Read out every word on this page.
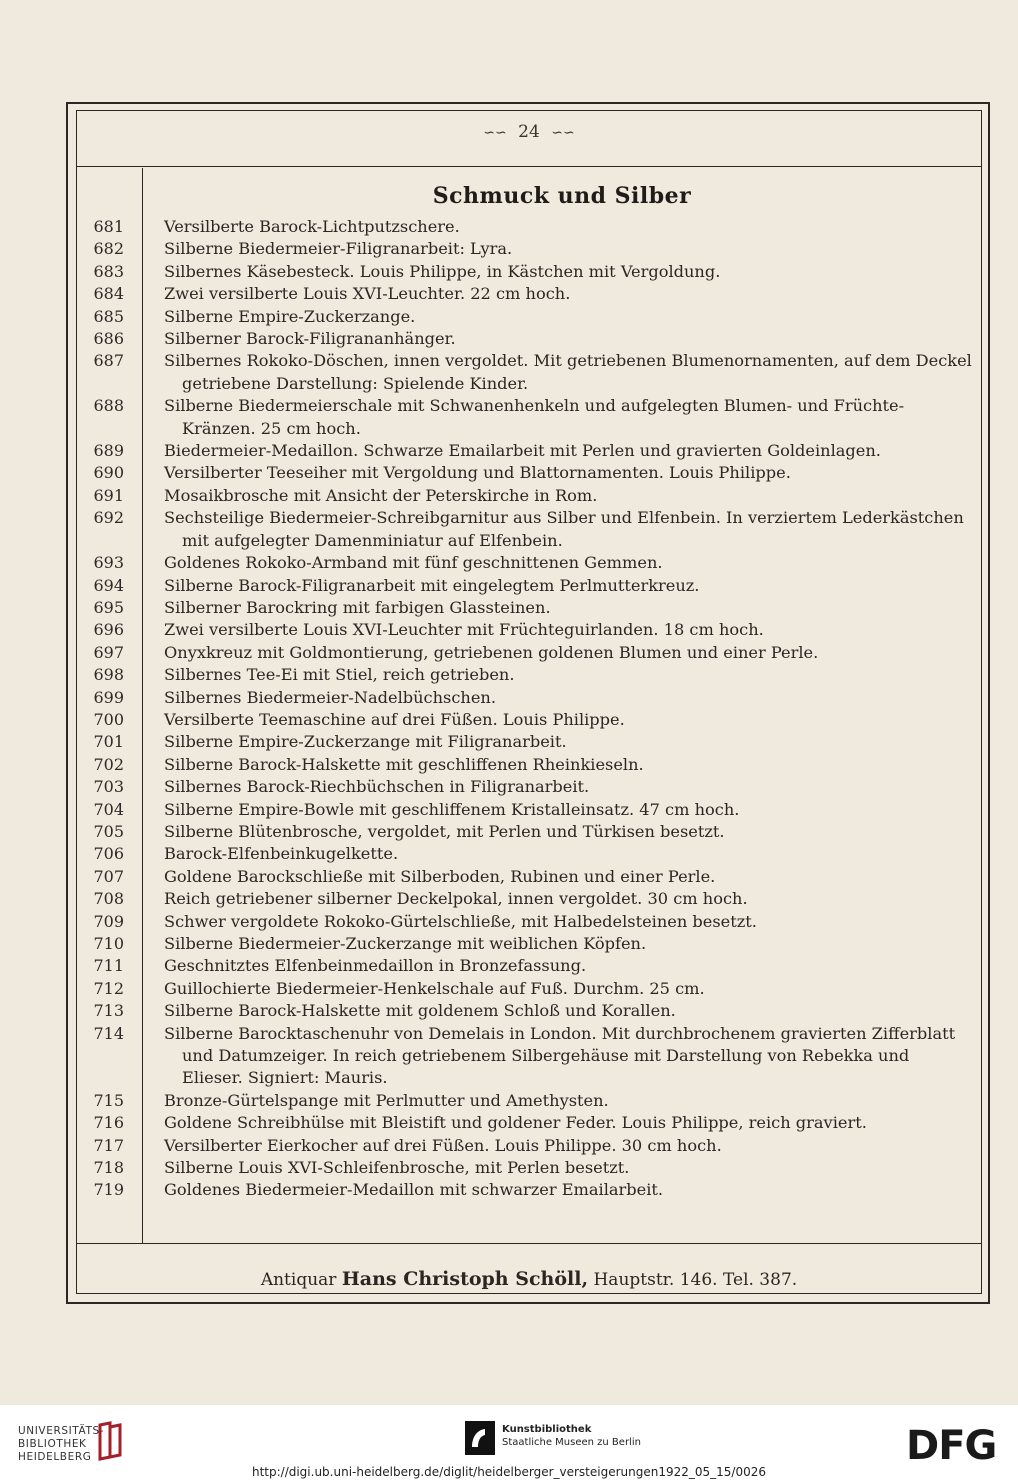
∽∽ 24 ∽∽
Schmuck und Silber
681 Versilberte Barock-Lichtputzschere.
682 Silberne Biedermeier-Filigranarbeit: Lyra.
683 Silbernes Käsebesteck. Louis Philippe, in Kästchen mit Vergoldung.
684 Zwei versilberte Louis XVI-Leuchter. 22 cm hoch.
685 Silberne Empire-Zuckerzange.
686 Silberner Barock-Filigrananhänger.
687 Silbernes Rokoko-Döschen, innen vergoldet. Mit getriebenen Blumenornamenten, auf dem Deckel getriebene Darstellung: Spielende Kinder.
688 Silberne Biedermeierschale mit Schwanenhenkeln und aufgelegten Blumen- und Früchte-Kränzen. 25 cm hoch.
689 Biedermeier-Medaillon. Schwarze Emailarbeit mit Perlen und gravierten Goldeinlagen.
690 Versilberter Teeseiher mit Vergoldung und Blattornamenten. Louis Philippe.
691 Mosaikbrosche mit Ansicht der Peterskirche in Rom.
692 Sechsteilige Biedermeier-Schreibgarnitur aus Silber und Elfenbein. In verziertem Lederkästchen mit aufgelegter Damenminiatur auf Elfenbein.
693 Goldenes Rokoko-Armband mit fünf geschnittenen Gemmen.
694 Silberne Barock-Filigranarbeit mit eingelegtem Perlmutterkreuz.
695 Silberner Barockring mit farbigen Glassteinen.
696 Zwei versilberte Louis XVI-Leuchter mit Früchteguirlanden. 18 cm hoch.
697 Onyxkreuz mit Goldmontierung, getriebenen goldenen Blumen und einer Perle.
698 Silbernes Tee-Ei mit Stiel, reich getrieben.
699 Silbernes Biedermeier-Nadelbüchschen.
700 Versilberte Teemaschine auf drei Füßen. Louis Philippe.
701 Silberne Empire-Zuckerzange mit Filigranarbeit.
702 Silberne Barock-Halskette mit geschliffenen Rheinkieseln.
703 Silbernes Barock-Riechbüchschen in Filigranarbeit.
704 Silberne Empire-Bowle mit geschliffenem Kristalleinsatz. 47 cm hoch.
705 Silberne Blütenbrosche, vergoldet, mit Perlen und Türkisen besetzt.
706 Barock-Elfenbeinkugelkette.
707 Goldene Barockschließe mit Silberboden, Rubinen und einer Perle.
708 Reich getriebener silberner Deckelpokal, innen vergoldet. 30 cm hoch.
709 Schwer vergoldete Rokoko-Gürtelschließe, mit Halbedelsteinen besetzt.
710 Silberne Biedermeier-Zuckerzange mit weiblichen Köpfen.
711 Geschnitztes Elfenbeinmedaillon in Bronzefassung.
712 Guillochierte Biedermeier-Henkelschale auf Fuß. Durchm. 25 cm.
713 Silberne Barock-Halskette mit goldenem Schloß und Korallen.
714 Silberne Barocktaschenuhr von Demelais in London. Mit durchbrochenem gravierten Zifferblatt und Datumzeiger. In reich getriebenem Silbergehäuse mit Darstellung von Rebekka und Elieser. Signiert: Mauris.
715 Bronze-Gürtelspange mit Perlmutter und Amethysten.
716 Goldene Schreibhülse mit Bleistift und goldener Feder. Louis Philippe, reich graviert.
717 Versilberter Eierkocher auf drei Füßen. Louis Philippe. 30 cm hoch.
718 Silberne Louis XVI-Schleifenbrosche, mit Perlen besetzt.
719 Goldenes Biedermeier-Medaillon mit schwarzer Emailarbeit.
Antiquar Hans Christoph Schöll, Hauptstr. 146. Tel. 387.
UNIVERSITÄTS-
BIBLIOTHEK
HEIDELBERG
Kunstbibliothek
Staatliche Museen zu Berlin	DFG
http://digi.ub.uni-heidelberg.de/diglit/heidelberger_versteigerungen1922_05_15/0026
